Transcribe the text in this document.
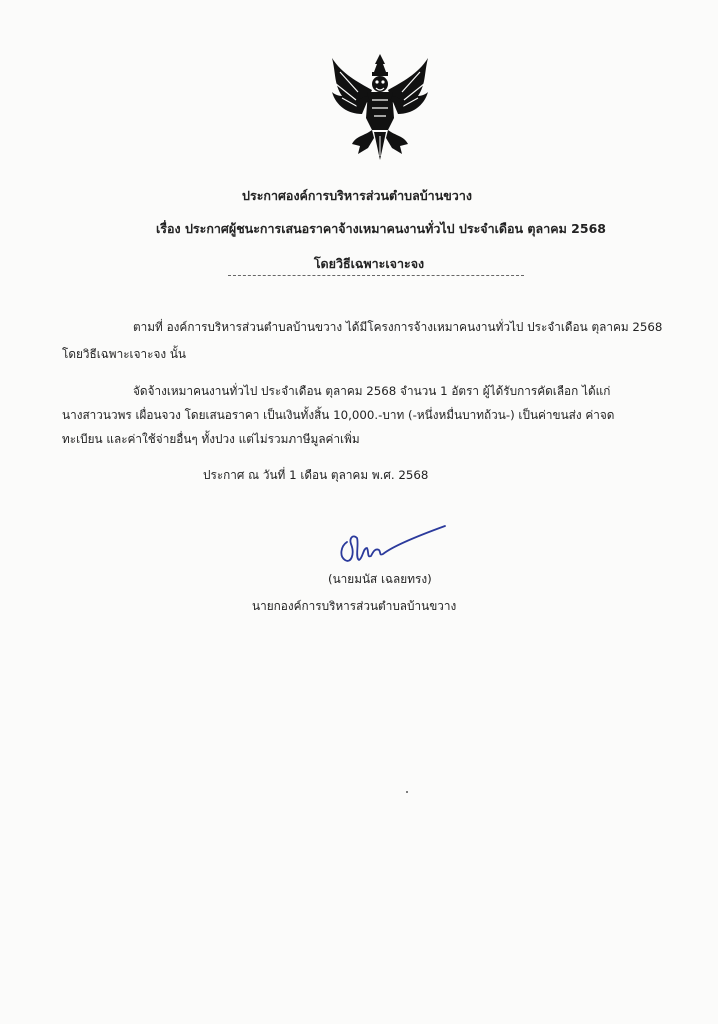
ประกาศองค์การบริหารส่วนตำบลบ้านขวาง
เรื่อง ประกาศผู้ชนะการเสนอราคาจ้างเหมาคนงานทั่วไป ประจำเดือน ตุลาคม 2568
โดยวิธีเฉพาะเจาะจง
ตามที่ องค์การบริหารส่วนตำบลบ้านขวาง ได้มีโครงการจ้างเหมาคนงานทั่วไป ประจำเดือน ตุลาคม 2568
โดยวิธีเฉพาะเจาะจง นั้น
จัดจ้างเหมาคนงานทั่วไป ประจำเดือน ตุลาคม 2568 จำนวน 1 อัตรา ผู้ได้รับการคัดเลือก ได้แก่
นางสาวนวพร เผื่อนจวง โดยเสนอราคา เป็นเงินทั้งสิ้น 10,000.-บาท (-หนึ่งหมื่นบาทถ้วน-) เป็นค่าขนส่ง ค่าจด
ทะเบียน และค่าใช้จ่ายอื่นๆ ทั้งปวง แต่ไม่รวมภาษีมูลค่าเพิ่ม
ประกาศ ณ วันที่ 1 เดือน ตุลาคม พ.ศ. 2568
(นายมนัส เฉลยทรง)
นายกองค์การบริหารส่วนตำบลบ้านขวาง
